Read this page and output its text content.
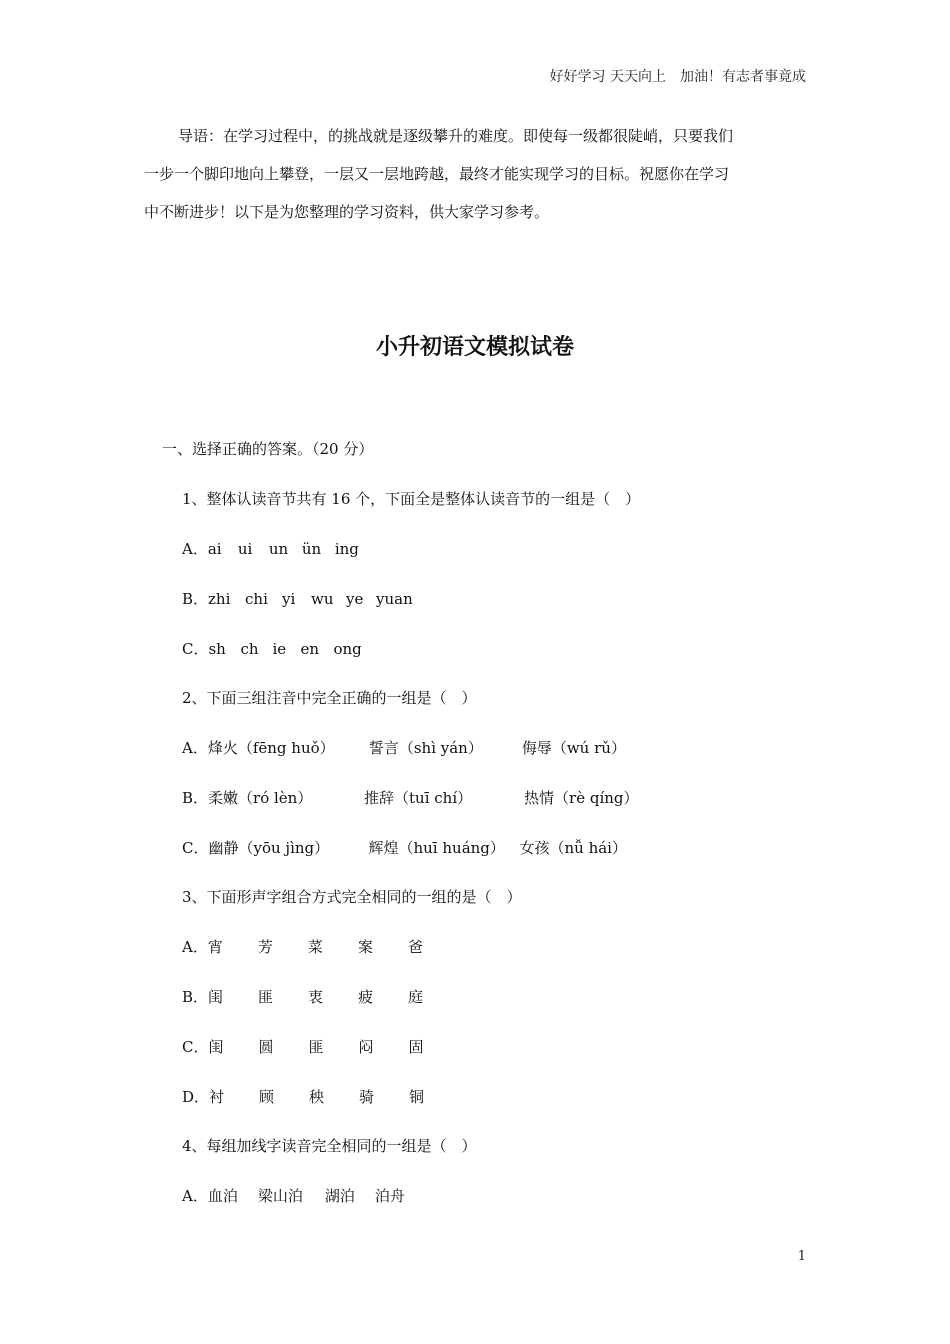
好好学习 天天向上　加油！有志者事竟成
导语：在学习过程中，的挑战就是逐级攀升的难度。即使每一级都很陡峭，只要我们
一步一个脚印地向上攀登，一层又一层地跨越，最终才能实现学习的目标。祝愿你在学习
中不断进步！以下是为您整理的学习资料，供大家学习参考。
小升初语文模拟试卷
一、选择正确的答案。（20 分）
1、整体认读音节共有 16 个，下面全是整体认读音节的一组是（　）
A．ai ui un ün ing
B．zhi chi yi wu ye yuan
C．sh ch ie en ong
2、下面三组注音中完全正确的一组是（　）
A．烽火（fēng huǒ） 誓言（shì yán）	侮辱（wú rǔ）
B．柔嫩（ró lèn）	推辞（tuī chí）	热情（rè qíng）
C．幽静（yōu jìng）	辉煌（huī huáng） 女孩（nǚ hái）
3、下面形声字组合方式完全相同的一组的是（　）
A．宵 芳 菜 案 爸
B．闺 匪 衷 疲 庭
C．闺 圆 匪 闷 固
D．衬 顾 秧 骑 铜
4、每组加线字读音完全相同的一组是（　）
A．血泊 梁山泊 湖泊 泊舟
1
